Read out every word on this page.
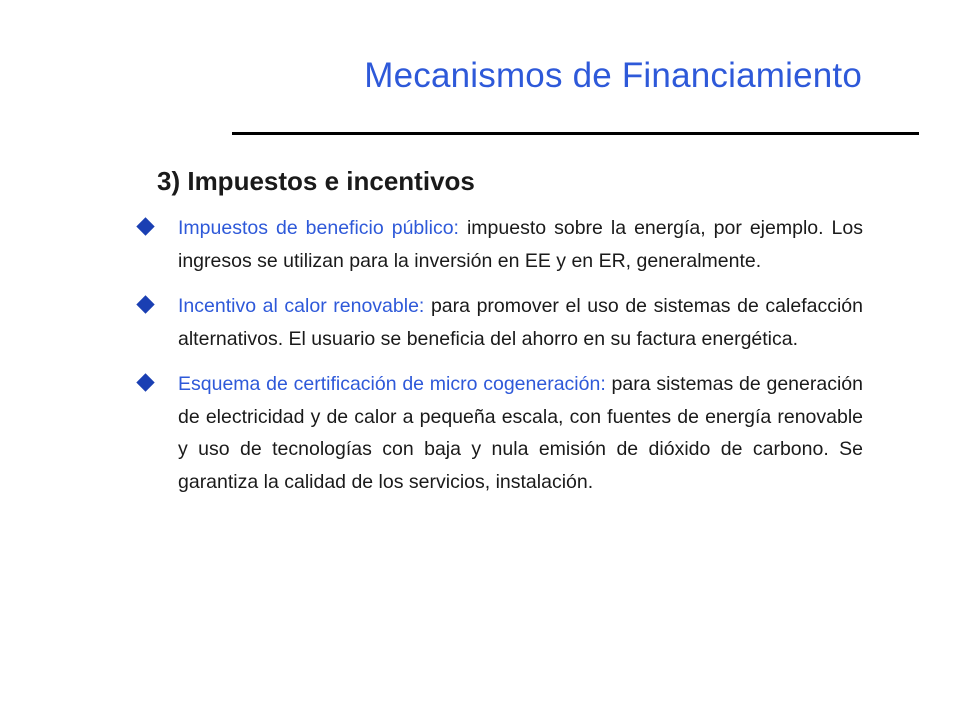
Mecanismos de Financiamiento
3) Impuestos e incentivos

Impuestos de beneficio público: impuesto sobre la energía, por ejemplo. Los ingresos se utilizan para la inversión en EE y en ER, generalmente.

Incentivo al calor renovable: para promover el uso de sistemas de calefacción alternativos. El usuario se beneficia del ahorro en su factura energética.

Esquema de certificación de micro cogeneración: para sistemas de generación de electricidad y de calor a pequeña escala, con fuentes de energía renovable y uso de tecnologías con baja y nula emisión de dióxido de carbono. Se garantiza la calidad de los servicios, instalación.
